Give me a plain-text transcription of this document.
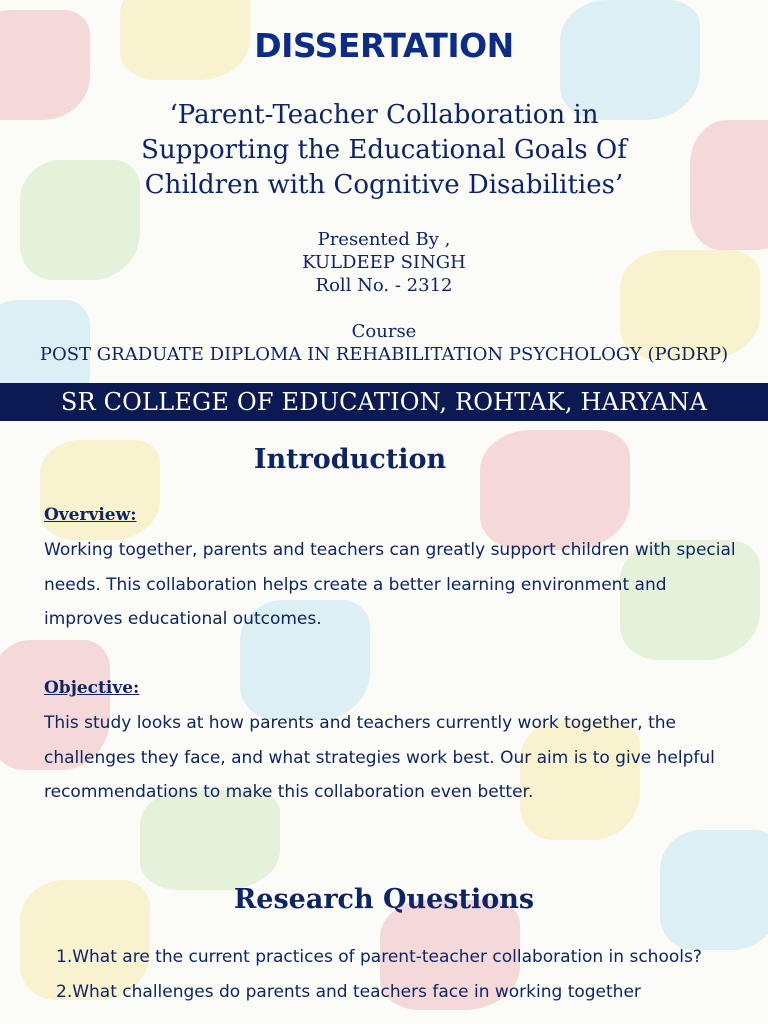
DISSERTATION

‘Parent-Teacher Collaboration in Supporting the Educational Goals Of Children with Cognitive Disabilities’

Presented By ,
KULDEEP SINGH
Roll No. - 2312
Course
POST GRADUATE DIPLOMA IN REHABILITATION PSYCHOLOGY (PGDRP)
SR COLLEGE OF EDUCATION, ROHTAK, HARYANA
Introduction
Overview:

Working together, parents and teachers can greatly support children with special needs. This collaboration helps create a better learning environment and improves educational outcomes.

Objective:

This study looks at how parents and teachers currently work together, the challenges they face, and what strategies work best. Our aim is to give helpful recommendations to make this collaboration even better.

Research Questions
1.What are the current practices of parent-teacher collaboration in schools?
2.What challenges do parents and teachers face in working together
